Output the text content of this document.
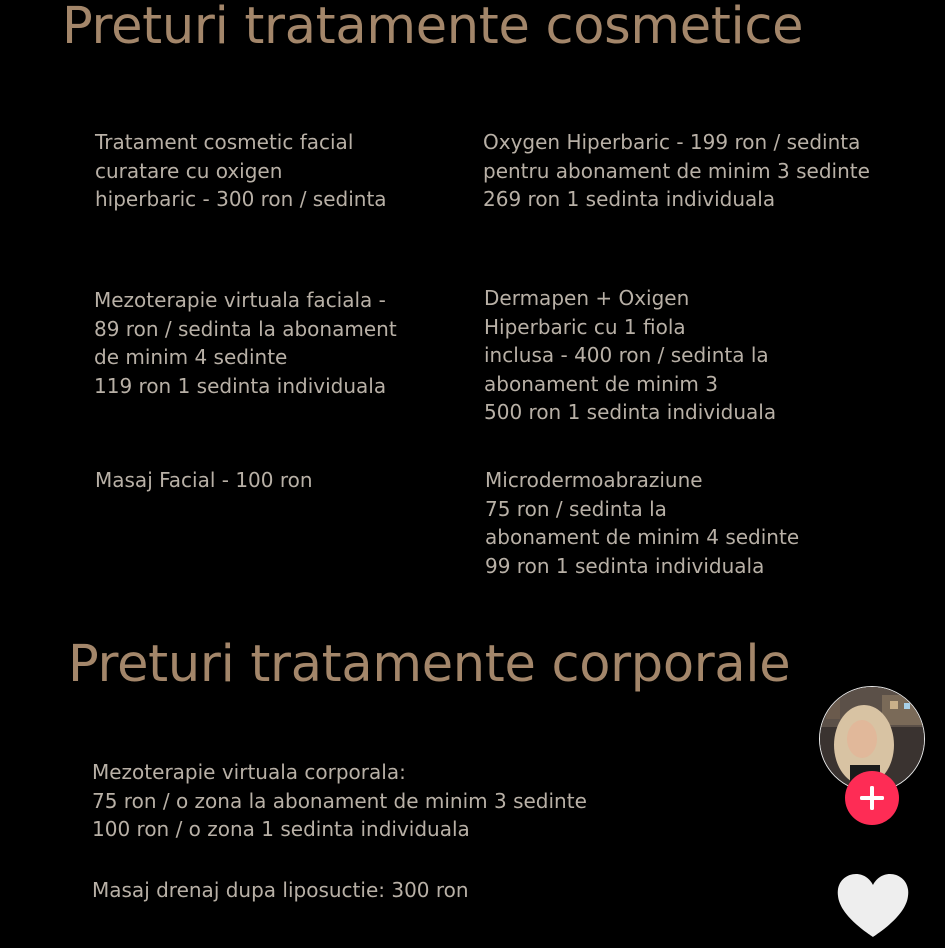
Preturi tratamente cosmetice
Tratament cosmetic facial
curatare cu oxigen
hiperbaric - 300 ron / sedinta
Oxygen Hiperbaric - 199 ron / sedinta
pentru abonament de minim 3 sedinte
269 ron 1 sedinta individuala
Mezoterapie virtuala faciala -
89 ron / sedinta la abonament
de minim 4 sedinte
119 ron 1 sedinta individuala
Dermapen + Oxigen
Hiperbaric cu 1 fiola
inclusa - 400 ron / sedinta la
abonament de minim 3
500 ron 1 sedinta individuala
Masaj Facial - 100 ron	Microdermoabraziune
75 ron / sedinta la
abonament de minim 4 sedinte
99 ron 1 sedinta individuala
Preturi tratamente corporale
Mezoterapie virtuala corporala:
75 ron / o zona la abonament de minim 3 sedinte
100 ron / o zona 1 sedinta individuala
Masaj drenaj dupa liposuctie: 300 ron
